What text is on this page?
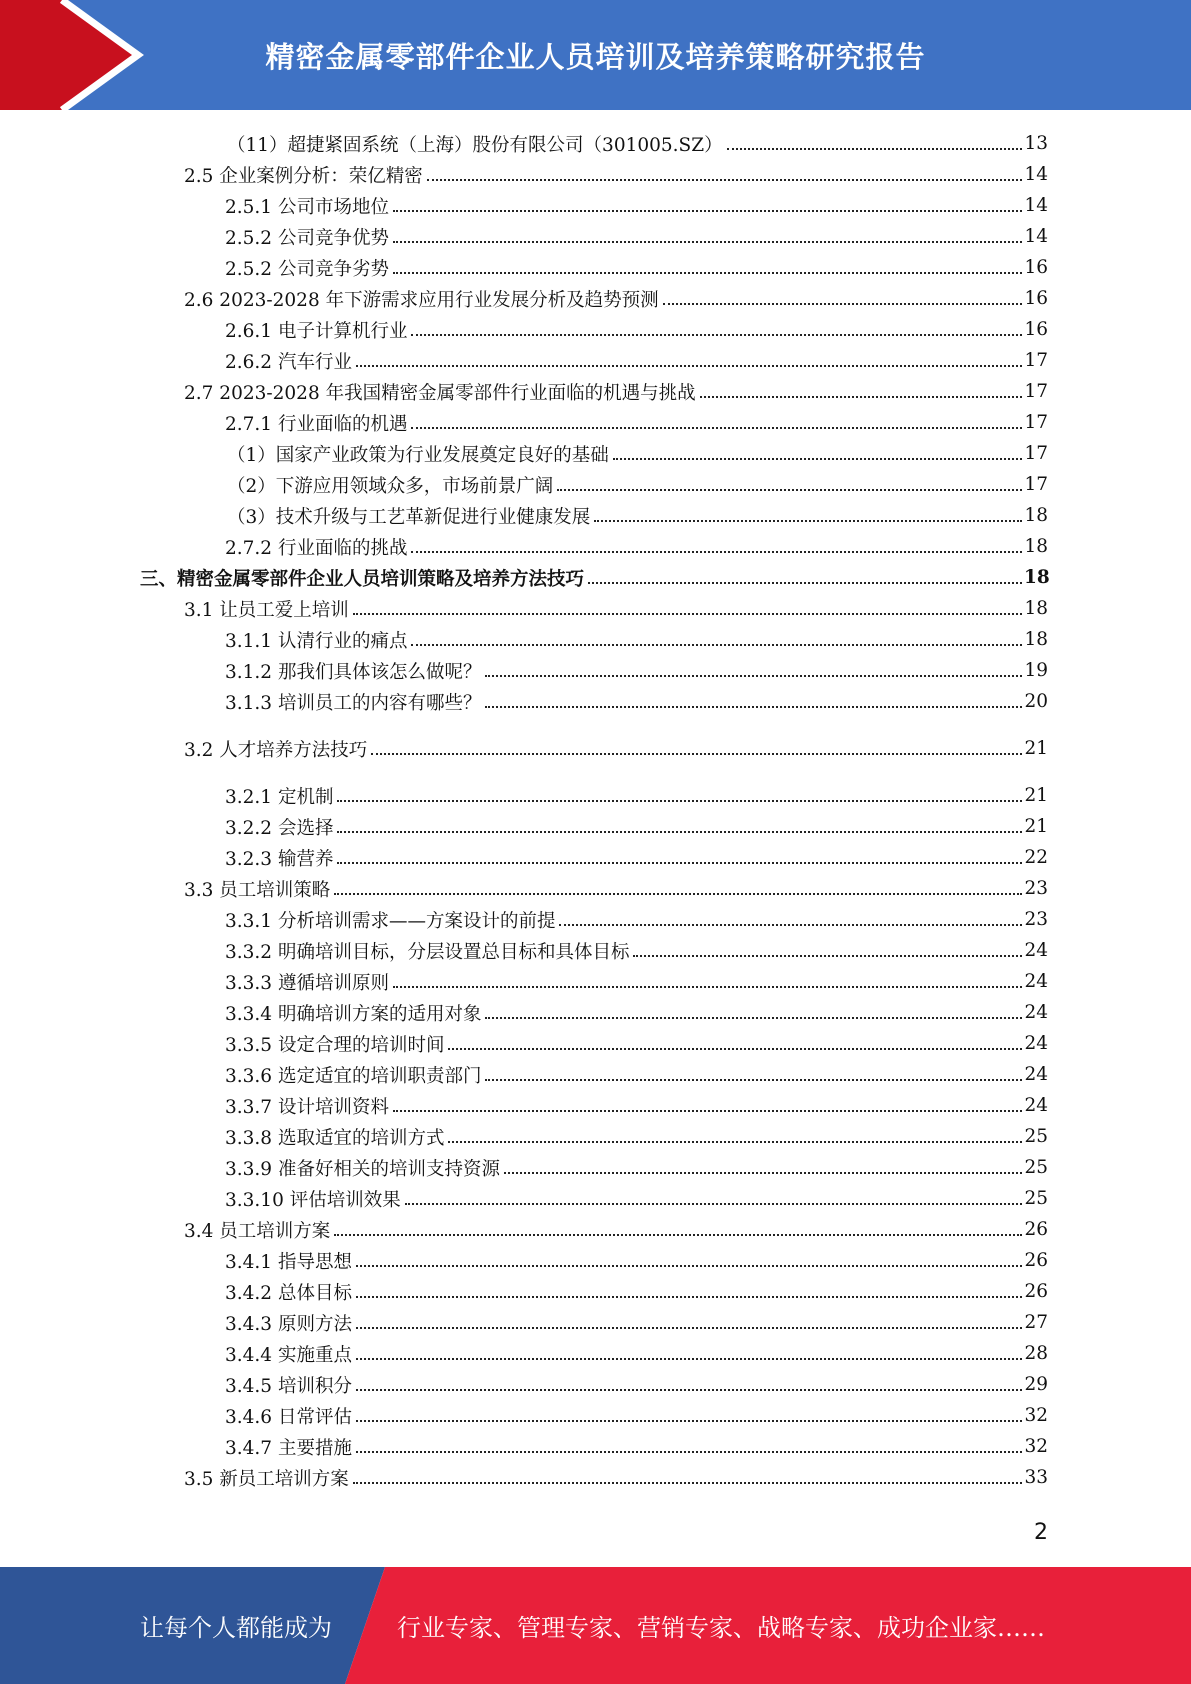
精密金属零部件企业人员培训及培养策略研究报告
（11）超捷紧固系统（上海）股份有限公司（301005.SZ）	13
2.5 企业案例分析：荣亿精密	14
2.5.1 公司市场地位	14
2.5.2 公司竞争优势	14
2.5.2 公司竞争劣势	16
2.6 2023-2028 年下游需求应用行业发展分析及趋势预测	16
2.6.1 电子计算机行业	16
2.6.2 汽车行业	17
2.7 2023-2028 年我国精密金属零部件行业面临的机遇与挑战	17
2.7.1 行业面临的机遇	17
（1）国家产业政策为行业发展奠定良好的基础	17
（2）下游应用领域众多，市场前景广阔	17
（3）技术升级与工艺革新促进行业健康发展	18
2.7.2 行业面临的挑战	18
三、精密金属零部件企业人员培训策略及培养方法技巧	18
3.1 让员工爱上培训	18
3.1.1 认清行业的痛点	18
3.1.2 那我们具体该怎么做呢？	19
3.1.3 培训员工的内容有哪些？	20
3.2 人才培养方法技巧	21
3.2.1 定机制	21
3.2.2 会选择	21
3.2.3 输营养	22
3.3 员工培训策略	23
3.3.1 分析培训需求——方案设计的前提	23
3.3.2 明确培训目标，分层设置总目标和具体目标	24
3.3.3 遵循培训原则	24
3.3.4 明确培训方案的适用对象	24
3.3.5 设定合理的培训时间	24
3.3.6 选定适宜的培训职责部门	24
3.3.7 设计培训资料	24
3.3.8 选取适宜的培训方式	25
3.3.9 准备好相关的培训支持资源	25
3.3.10 评估培训效果	25
3.4 员工培训方案	26
3.4.1 指导思想	26
3.4.2 总体目标	26
3.4.3 原则方法	27
3.4.4 实施重点	28
3.4.5 培训积分	29
3.4.6 日常评估	32
3.4.7 主要措施	32
3.5 新员工培训方案	33
2
让每个人都能成为	行业专家、管理专家、营销专家、战略专家、成功企业家……
